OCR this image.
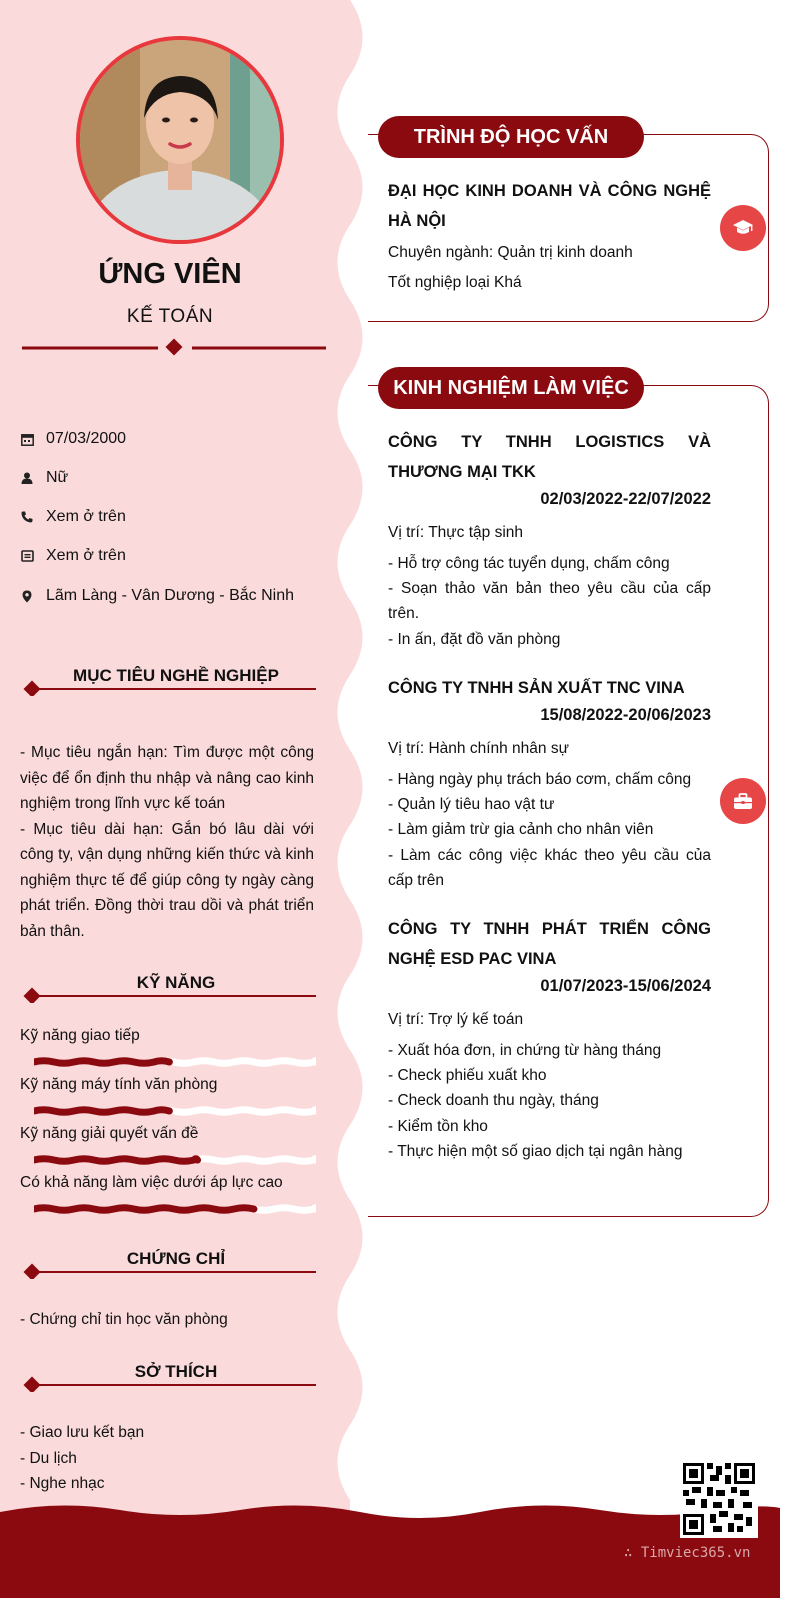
ỨNG VIÊN
KẾ TOÁN
07/03/2000
Nữ
Xem ở trên
Xem ở trên
Lãm Làng - Vân Dương - Bắc Ninh
MỤC TIÊU NGHỀ NGHIỆP
- Mục tiêu ngắn hạn: Tìm được một công việc để ổn định thu nhập và nâng cao kinh nghiệm trong lĩnh vực kế toán
- Mục tiêu dài hạn: Gắn bó lâu dài với công ty, vận dụng những kiến thức và kinh nghiệm thực tế để giúp công ty ngày càng phát triển. Đồng thời trau dồi và phát triển bản thân.
KỸ NĂNG
Kỹ năng giao tiếp
Kỹ năng máy tính văn phòng
Kỹ năng giải quyết vấn đề
Có khả năng làm việc dưới áp lực cao
CHỨNG CHỈ
- Chứng chỉ tin học văn phòng
SỞ THÍCH
- Giao lưu kết bạn
- Du lịch
- Nghe nhạc
TRÌNH ĐỘ HỌC VẤN
ĐẠI HỌC KINH DOANH VÀ CÔNG NGHỆ HÀ NỘI
Chuyên ngành: Quản trị kinh doanh
Tốt nghiệp loại Khá
KINH NGHIỆM LÀM VIỆC
CÔNG TY TNHH LOGISTICS VÀ THƯƠNG MẠI TKK
02/03/2022-22/07/2022
Vị trí: Thực tập sinh
- Hỗ trợ công tác tuyển dụng, chấm công
- Soạn thảo văn bản theo yêu cầu của cấp trên.
- In ấn, đặt đồ văn phòng
CÔNG TY TNHH SẢN XUẤT TNC VINA
15/08/2022-20/06/2023
Vị trí: Hành chính nhân sự
- Hàng ngày phụ trách báo cơm, chấm công
- Quản lý tiêu hao vật tư
- Làm giảm trừ gia cảnh cho nhân viên
- Làm các công việc khác theo yêu cầu của cấp trên
CÔNG TY TNHH PHÁT TRIỂN CÔNG NGHỆ ESD PAC VINA
01/07/2023-15/06/2024
Vị trí: Trợ lý kế toán
- Xuất hóa đơn, in chứng từ hàng tháng
- Check phiếu xuất kho
- Check doanh thu ngày, tháng
- Kiểm tồn kho
- Thực hiện một số giao dịch tại ngân hàng
∴ Timviec365.vn
